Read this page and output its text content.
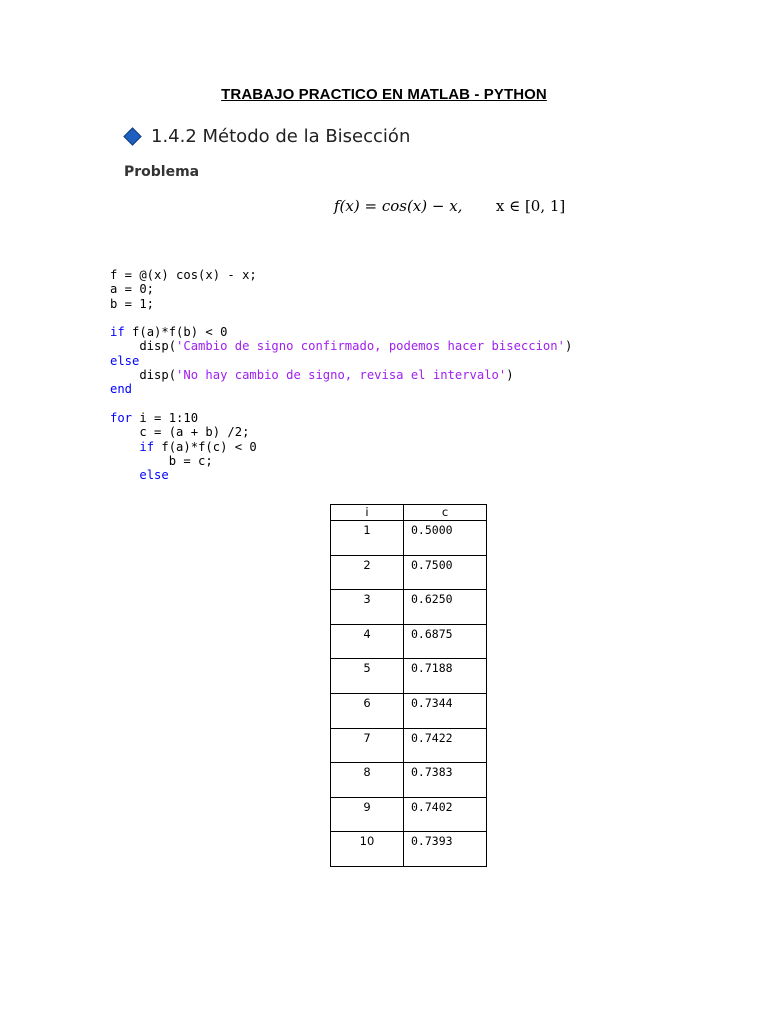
TRABAJO PRACTICO EN MATLAB - PYTHON
1.4.2 Método de la Bisección
Problema
f(x) = cos(x) − x, x ∈ [0, 1]
f = @(x) cos(x) - x;
a = 0;
b = 1;

if f(a)*f(b) < 0
disp('Cambio de signo confirmado, podemos hacer biseccion')
else
disp('No hay cambio de signo, revisa el intervalo')
end

for i = 1:10
c = (a + b) /2;
if f(a)*f(c) < 0
b = c;
else
i	c
1	0.5000
2	0.7500
3	0.6250
4	0.6875
5	0.7188
6	0.7344
7	0.7422
8	0.7383
9	0.7402
10	0.7393
